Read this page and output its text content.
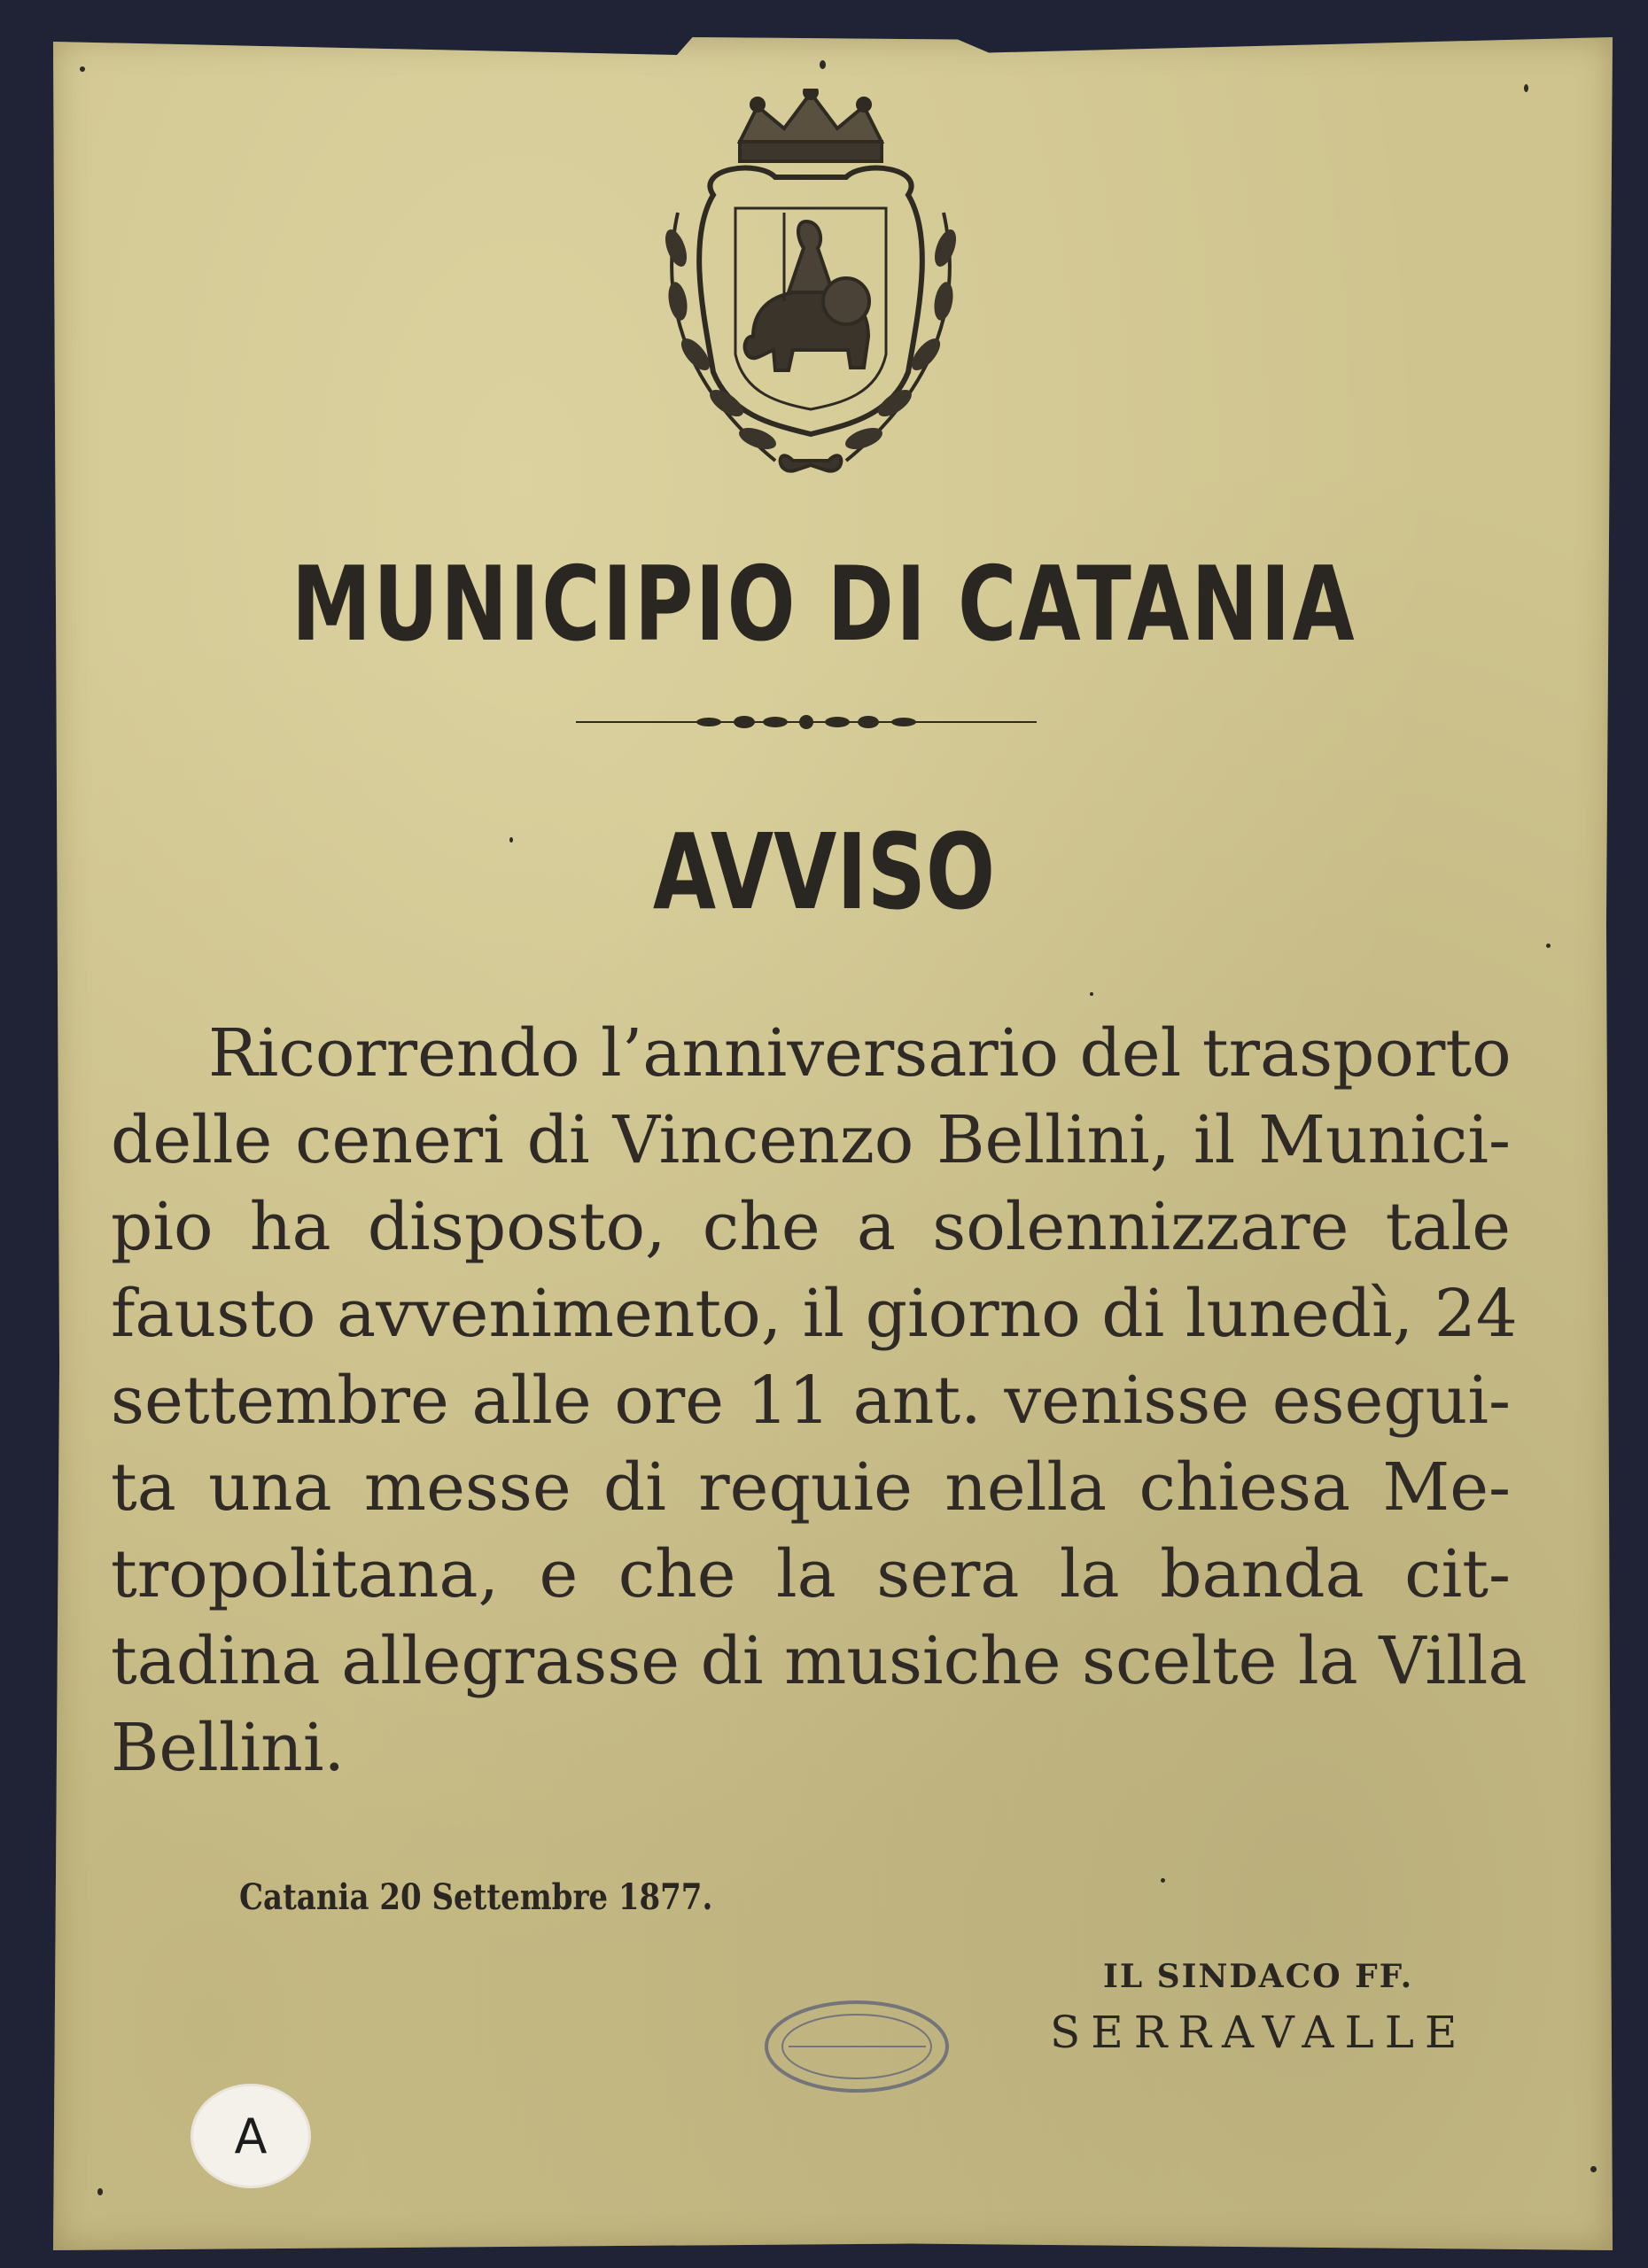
MUNICIPIO DI CATANIA
AVVISO
Ricorrendo l’anniversario del trasporto
delle ceneri di Vincenzo Bellini, il Munici-
pio ha disposto, che a solennizzare tale
fausto avvenimento, il giorno di lunedì, 24
settembre alle ore 11 ant. venisse esegui-
ta una messe di requie nella chiesa Me-
tropolitana, e che la sera la banda cit-
tadina allegrasse di musiche scelte la Villa
Bellini.

Catania 20 Settembre 1877.

IL SINDACO FF.

SERRAVALLE

A
